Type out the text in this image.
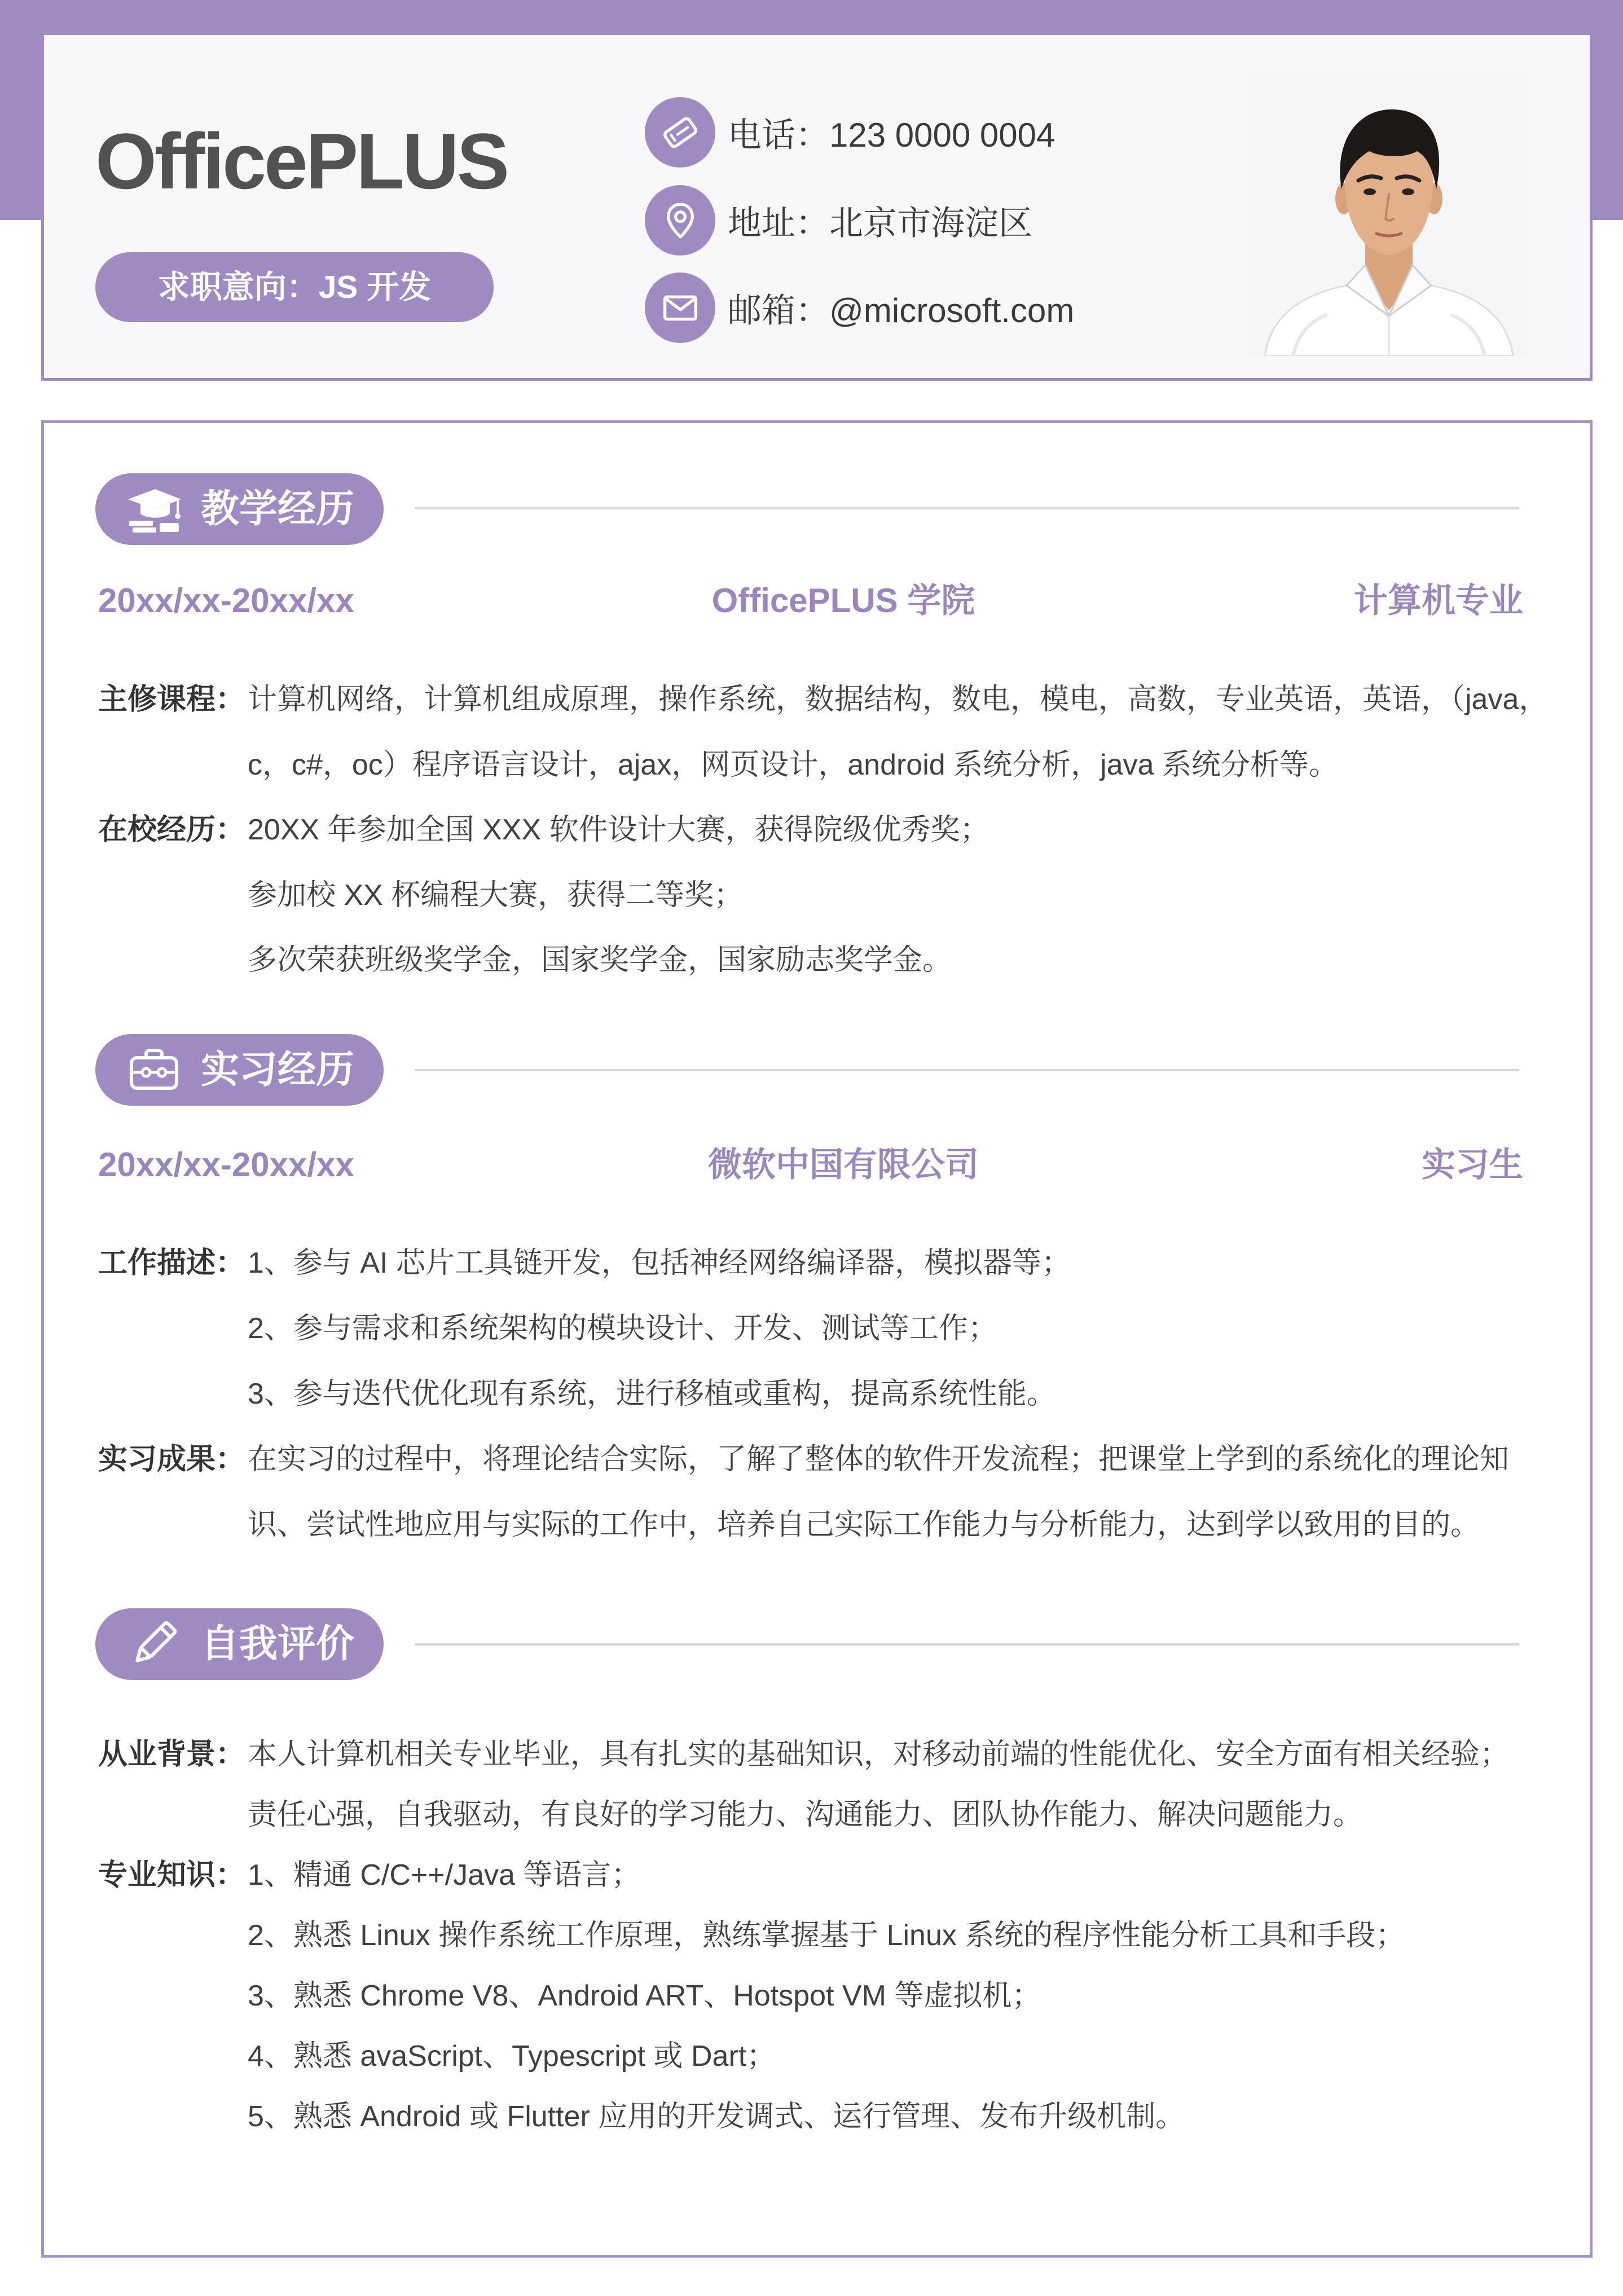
OfficePLUS
求职意向：JS 开发
电话：123 0000 0004
地址：北京市海淀区
邮箱：@microsoft.com
教学经历
20xx/xx-20xx/xx	OfficePLUS 学院	计算机专业
主修课程： 计算机网络，计算机组成原理，操作系统，数据结构，数电，模电，高数，专业英语，英语，（java，
c，c#，oc）程序语言设计，ajax，网页设计，android 系统分析，java 系统分析等。
在校经历： 20XX 年参加全国 XXX 软件设计大赛，获得院级优秀奖；
参加校 XX 杯编程大赛，获得二等奖；
多次荣获班级奖学金，国家奖学金，国家励志奖学金。
实习经历
20xx/xx-20xx/xx	微软中国有限公司	实习生
工作描述： 1、参与 AI 芯片工具链开发，包括神经网络编译器，模拟器等；
2、参与需求和系统架构的模块设计、开发、测试等工作；
3、参与迭代优化现有系统，进行移植或重构，提高系统性能。
实习成果： 在实习的过程中，将理论结合实际，了解了整体的软件开发流程；把课堂上学到的系统化的理论知
识、尝试性地应用与实际的工作中，培养自己实际工作能力与分析能力，达到学以致用的目的。
自我评价
从业背景： 本人计算机相关专业毕业，具有扎实的基础知识，对移动前端的性能优化、安全方面有相关经验；
责任心强，自我驱动，有良好的学习能力、沟通能力、团队协作能力、解决问题能力。
专业知识： 1、精通 C/C++/Java 等语言；
2、熟悉 Linux 操作系统工作原理，熟练掌握基于 Linux 系统的程序性能分析工具和手段；
3、熟悉 Chrome V8、Android ART、Hotspot VM 等虚拟机；
4、熟悉 avaScript、Typescript 或 Dart；
5、熟悉 Android 或 Flutter 应用的开发调式、运行管理、发布升级机制。
